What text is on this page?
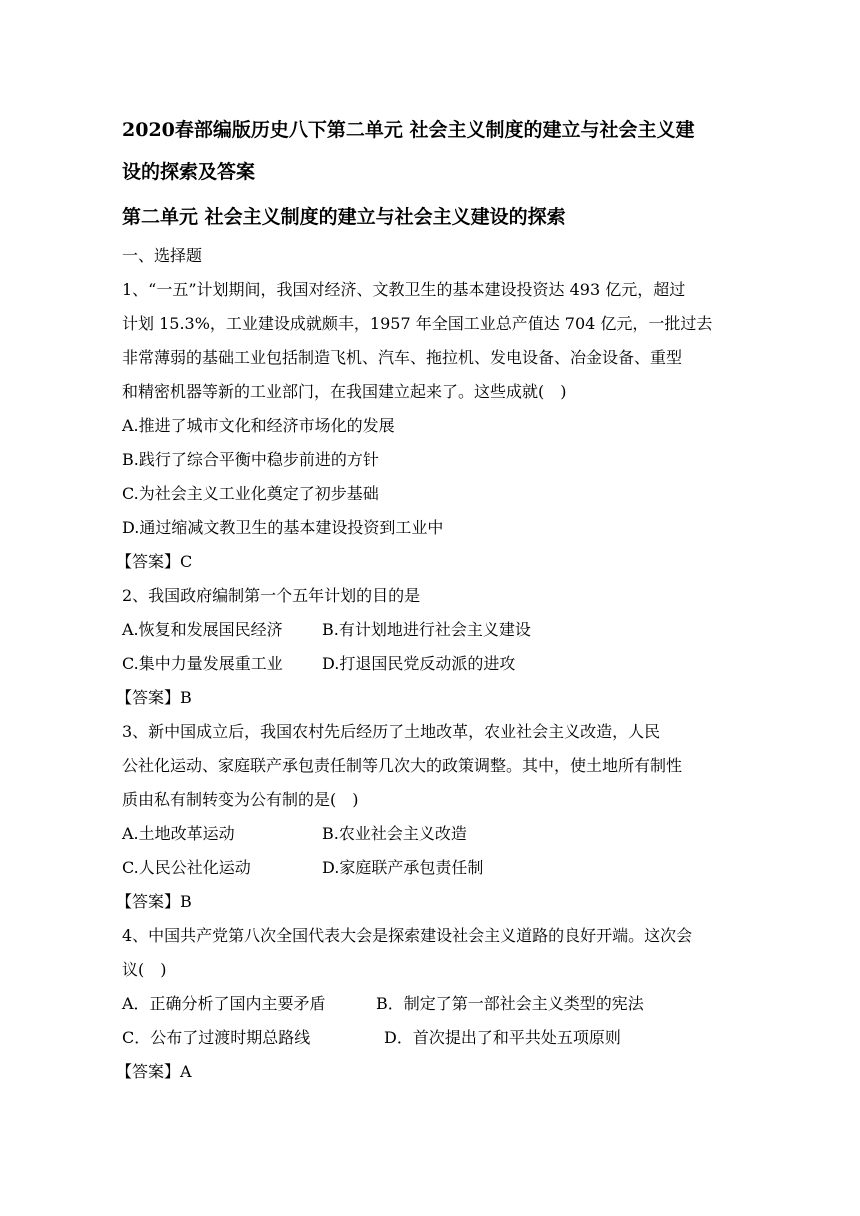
2020春部编版历史八下第二单元 社会主义制度的建立与社会主义建
设的探索及答案
第二单元 社会主义制度的建立与社会主义建设的探索
一、选择题
1、“一五”计划期间，我国对经济、文教卫生的基本建设投资达 493 亿元，超过
计划 15.3%，工业建设成就颇丰，1957 年全国工业总产值达 704 亿元，一批过去
非常薄弱的基础工业包括制造飞机、汽车、拖拉机、发电设备、冶金设备、重型
和精密机器等新的工业部门，在我国建立起来了。这些成就(　)
A.推进了城市文化和经济市场化的发展
B.践行了综合平衡中稳步前进的方针
C.为社会主义工业化奠定了初步基础
D.通过缩减文教卫生的基本建设投资到工业中
【答案】C
2、我国政府编制第一个五年计划的目的是
A.恢复和发展国民经济 B.有计划地进行社会主义建设
C.集中力量发展重工业 D.打退国民党反动派的进攻
【答案】B
3、新中国成立后，我国农村先后经历了土地改革，农业社会主义改造，人民
公社化运动、家庭联产承包责任制等几次大的政策调整。其中，使土地所有制性
质由私有制转变为公有制的是(　)
A.土地改革运动	B.农业社会主义改造
C.人民公社化运动	D.家庭联产承包责任制
【答案】B
4、中国共产党第八次全国代表大会是探索建设社会主义道路的良好开端。这次会
议(　)
A．正确分析了国内主要矛盾	B．制定了第一部社会主义类型的宪法
C．公布了过渡时期总路线	D．首次提出了和平共处五项原则
【答案】A
